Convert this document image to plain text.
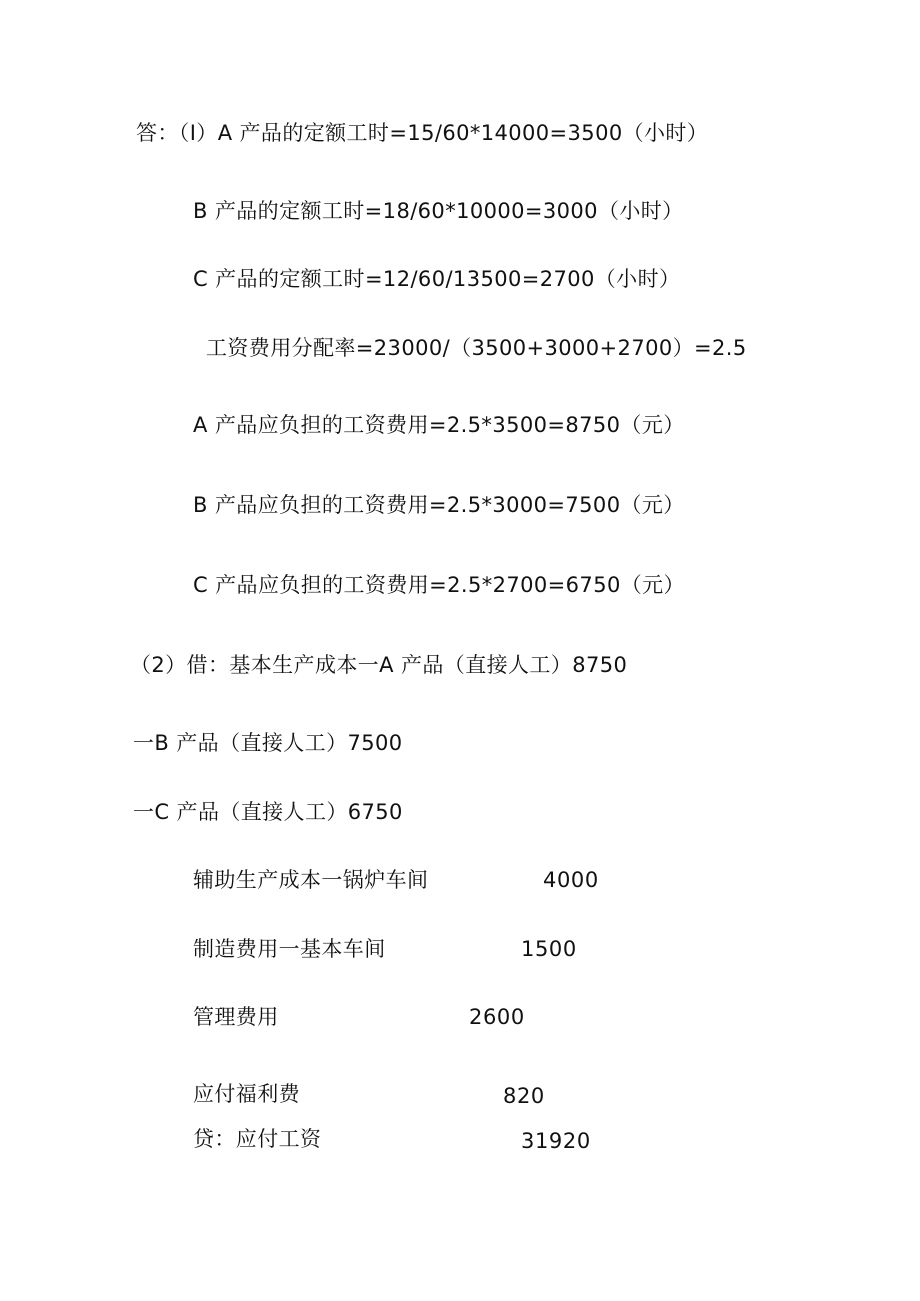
答：（I）A 产品的定额工时=15/60*14000=3500（小时）

B 产品的定额工时=18/60*10000=3000（小时）

C 产品的定额工时=12/60/13500=2700（小时）

工资费用分配率=23000/（3500+3000+2700）=2.5

A 产品应负担的工资费用=2.5*3500=8750（元）

B 产品应负担的工资费用=2.5*3000=7500（元）

C 产品应负担的工资费用=2.5*2700=6750（元）

（2）借：基本生产成本一A 产品（直接人工）8750

一B 产品（直接人工）7500

一C 产品（直接人工）6750

辅助生产成本一锅炉车间	4000

制造费用一基本车间	1500

管理费用	2600

应付福利费	820

贷：应付工资	31920
